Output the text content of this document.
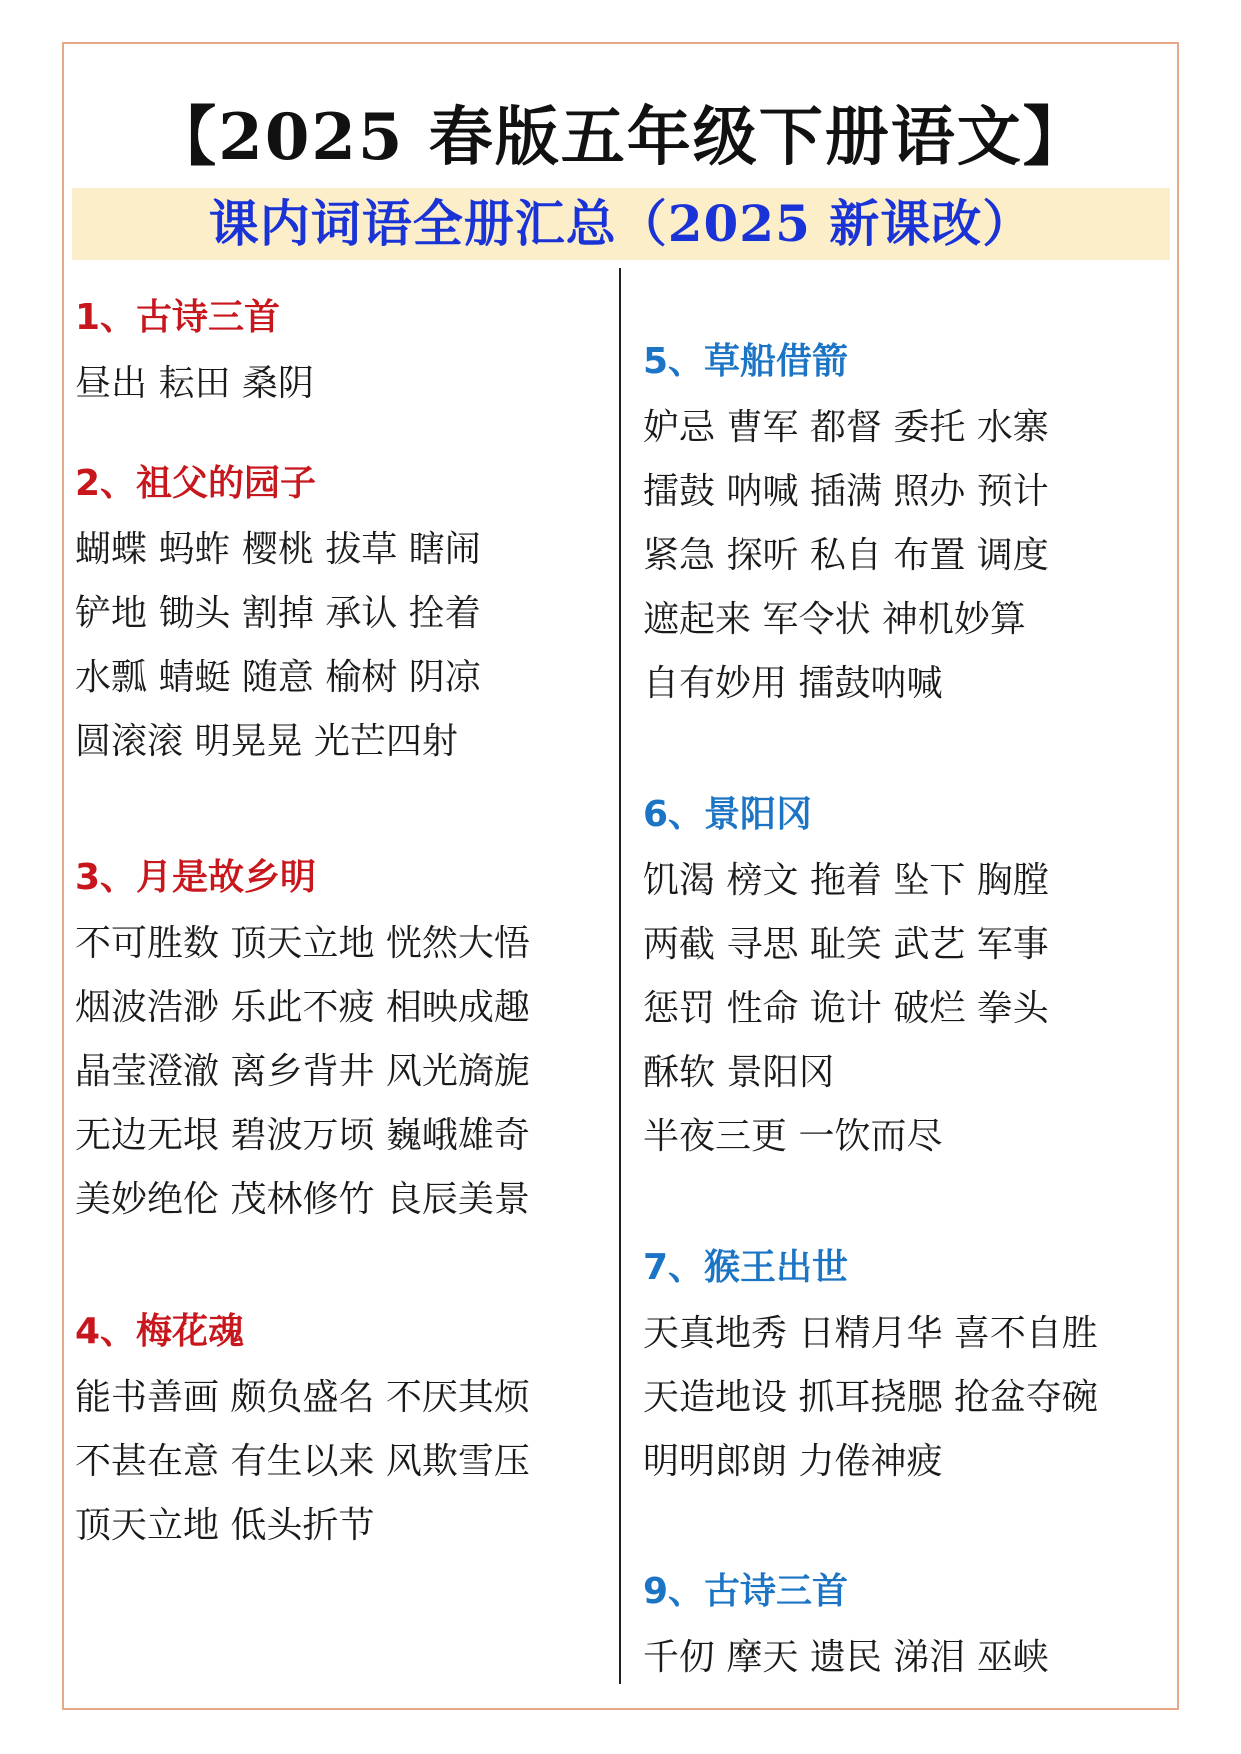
【2025 春版五年级下册语文】
课内词语全册汇总（2025 新课改）
1、古诗三首
昼出 耘田 桑阴
2、祖父的园子
蝴蝶 蚂蚱 樱桃 拔草 瞎闹
铲地 锄头 割掉 承认 拴着
水瓢 蜻蜓 随意 榆树 阴凉
圆滚滚 明晃晃 光芒四射
3、月是故乡明
不可胜数 顶天立地 恍然大悟
烟波浩渺 乐此不疲 相映成趣
晶莹澄澈 离乡背井 风光旖旎
无边无垠 碧波万顷 巍峨雄奇
美妙绝伦 茂林修竹 良辰美景
4、梅花魂
能书善画 颇负盛名 不厌其烦
不甚在意 有生以来 风欺雪压
顶天立地 低头折节
5、草船借箭
妒忌 曹军 都督 委托 水寨
擂鼓 呐喊 插满 照办 预计
紧急 探听 私自 布置 调度
遮起来 军令状 神机妙算
自有妙用 擂鼓呐喊
6、景阳冈
饥渴 榜文 拖着 坠下 胸膛
两截 寻思 耻笑 武艺 军事
惩罚 性命 诡计 破烂 拳头
酥软 景阳冈
半夜三更 一饮而尽
7、猴王出世
天真地秀 日精月华 喜不自胜
天造地设 抓耳挠腮 抢盆夺碗
明明郎朗 力倦神疲
9、古诗三首
千仞 摩天 遗民 涕泪 巫峡
